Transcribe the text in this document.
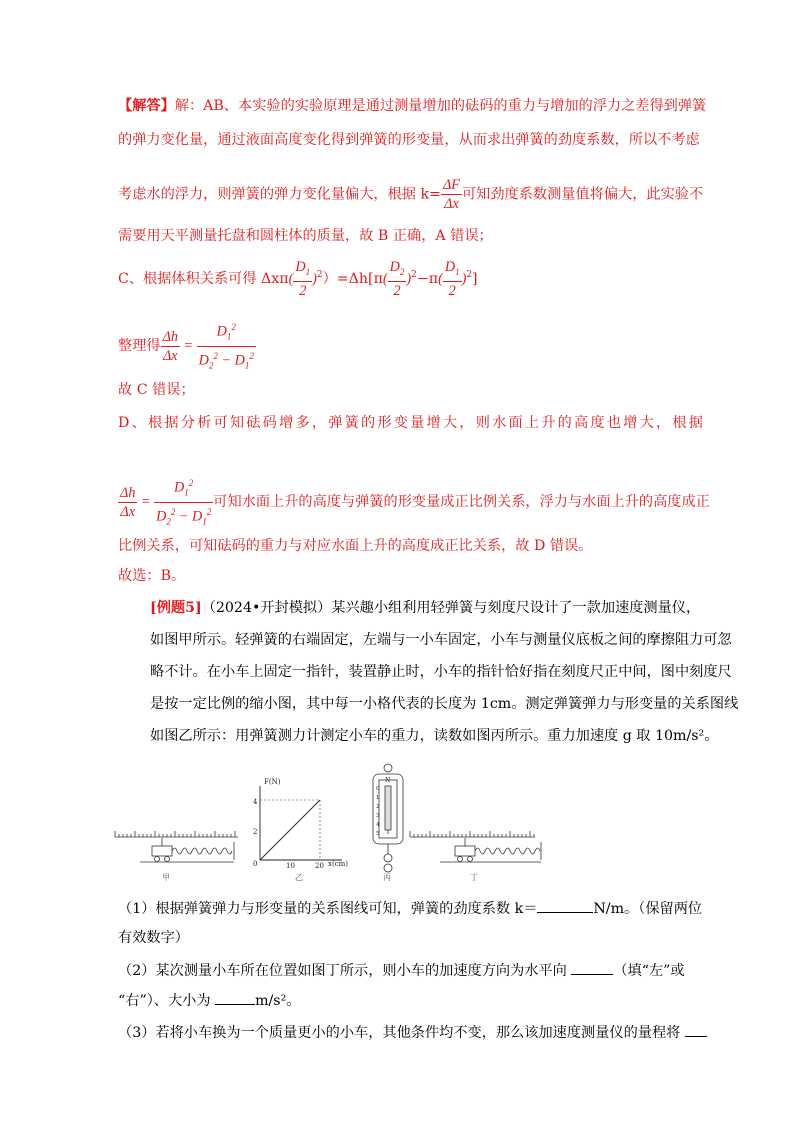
【解答】解：AB、本实验的实验原理是通过测量增加的砝码的重力与增加的浮力之差得到弹簧
的弹力变化量，通过液面高度变化得到弹簧的形变量，从而求出弹簧的劲度系数，所以不考虑
考虑水的浮力，则弹簧的弹力变化量偏大，根据 $k= \frac{\Delta F}{\Delta x}$ 可知劲度系数测量值将偏大，此实验不
需要用天平测量托盘和圆柱体的质量，故 B 正确，A 错误；
C、根据体积关系可得 $\Delta x\pi( \frac{D_1}{2} )^2)=\Delta h[\pi( \frac{D_2}{2} )^2-\pi( \frac{D_1}{2} )^2]$
整理得 $\frac{\Delta h}{\Delta x} = \frac{D_1^2}{D_2^2 - D_1^2}$
故 C 错误；
D、根据分析可知砝码增多，弹簧的形变量增大，则水面上升的高度也增大，根据
$\frac{\Delta h}{\Delta x} = \frac{D_1^2}{D_2^2 - D_1^2}$ 可知水面上升的高度与弹簧的形变量成正比例关系，浮力与水面上升的高度成正
比例关系，可知砝码的重力与对应水面上升的高度成正比关系，故 D 错误。
故选：B。
[例题5]（2024•开封模拟）某兴趣小组利用轻弹簧与刻度尺设计了一款加速度测量仪，
如图甲所示。轻弹簧的右端固定，左端与一小车固定，小车与测量仪底板之间的摩擦阻力可忽
略不计。在小车上固定一指针，装置静止时，小车的指针恰好指在刻度尺正中间，图中刻度尺
是按一定比例的缩小图，其中每一小格代表的长度为 1cm。测定弹簧弹力与形变量的关系图线
如图乙所示：用弹簧测力计测定小车的重力，读数如图丙所示。重力加速度 g 取 10m/s²。
甲
F(N)
x(cm)
0
4
2
10	20
乙
N
0
1
2
3
4
5
丙	丁
（1）根据弹簧弹力与形变量的关系图线可知，弹簧的劲度系数 k＝	N/m。（保留两位
有效数字）
（2）某次测量小车所在位置如图丁所示，则小车的加速度方向为水平向	（填“左”或
“右”）、大小为	m/s²。
（3）若将小车换为一个质量更小的小车，其他条件均不变，那么该加速度测量仪的量程将
